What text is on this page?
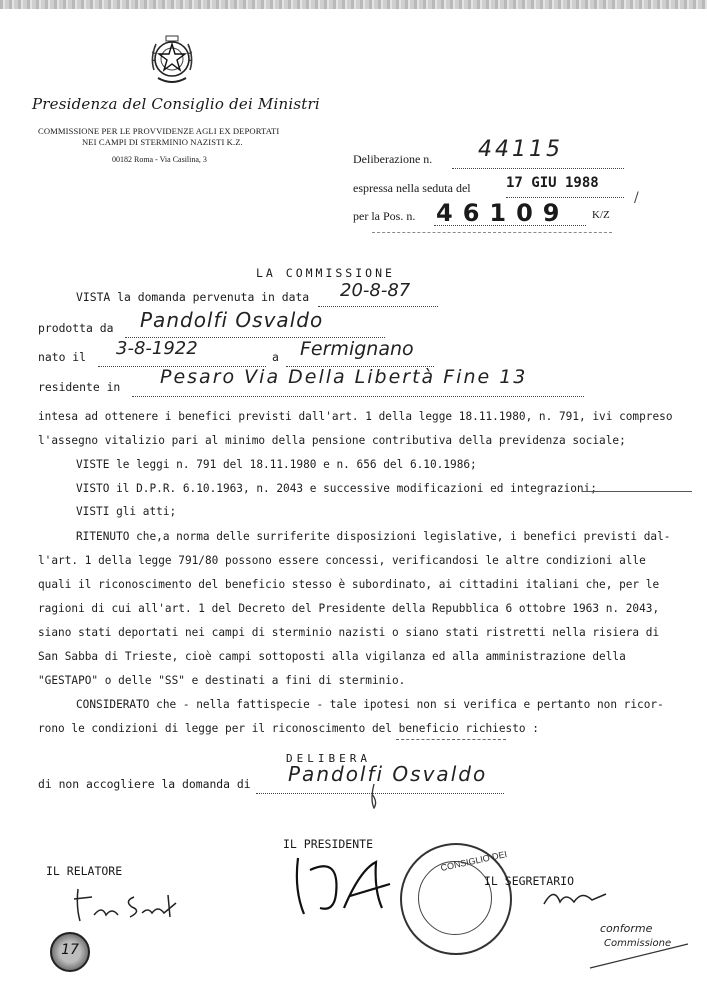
Presidenza del Consiglio dei Ministri
COMMISSIONE PER LE PROVVIDENZE AGLI EX DEPORTATI
NEI CAMPI DI STERMINIO NAZISTI K.Z.
00182 Roma - Via Casilina, 3	Deliberazione n. 44115
espressa nella seduta del	17 GIU 1988
per la Pos. n. 46109 K/Z
LA COMMISSIONE
VISTA la domanda pervenuta in data 20-8-87
prodotta da Pandolfi Osvaldo
nato il 3-8-1922	a Fermignano
residente in Pesaro Via Della Libertà Fine 13
intesa ad ottenere i benefici previsti dall'art. 1 della legge 18.11.1980, n. 791, ivi compreso
l'assegno vitalizio pari al minimo della pensione contributiva della previdenza sociale;
VISTE le leggi n. 791 del 18.11.1980 e n. 656 del 6.10.1986;
VISTO il D.P.R. 6.10.1963, n. 2043 e successive modificazioni ed integrazioni;
VISTI gli atti;
RITENUTO che,a norma delle surriferite disposizioni legislative, i benefici previsti dal-
l'art. 1 della legge 791/80 possono essere concessi, verificandosi le altre condizioni alle
quali il riconoscimento del beneficio stesso è subordinato, ai cittadini italiani che, per le
ragioni di cui all'art. 1 del Decreto del Presidente della Repubblica 6 ottobre 1963 n. 2043,
siano stati deportati nei campi di sterminio nazisti o siano stati ristretti nella risiera di
San Sabba di Trieste, cioè campi sottoposti alla vigilanza ed alla amministrazione della
"GESTAPO" o delle "SS" e destinati a fini di sterminio.
CONSIDERATO che - nella fattispecie - tale ipotesi non si verifica e pertanto non ricor-
rono le condizioni di legge per il riconoscimento del beneficio richiesto :
DELIBERA
di non accogliere la domanda di Pandolfi Osvaldo
IL PRESIDENTE
IL RELATORE	CONSIGLIO DEI
IL SEGRETARIO
conforme
Commissione
17
/
